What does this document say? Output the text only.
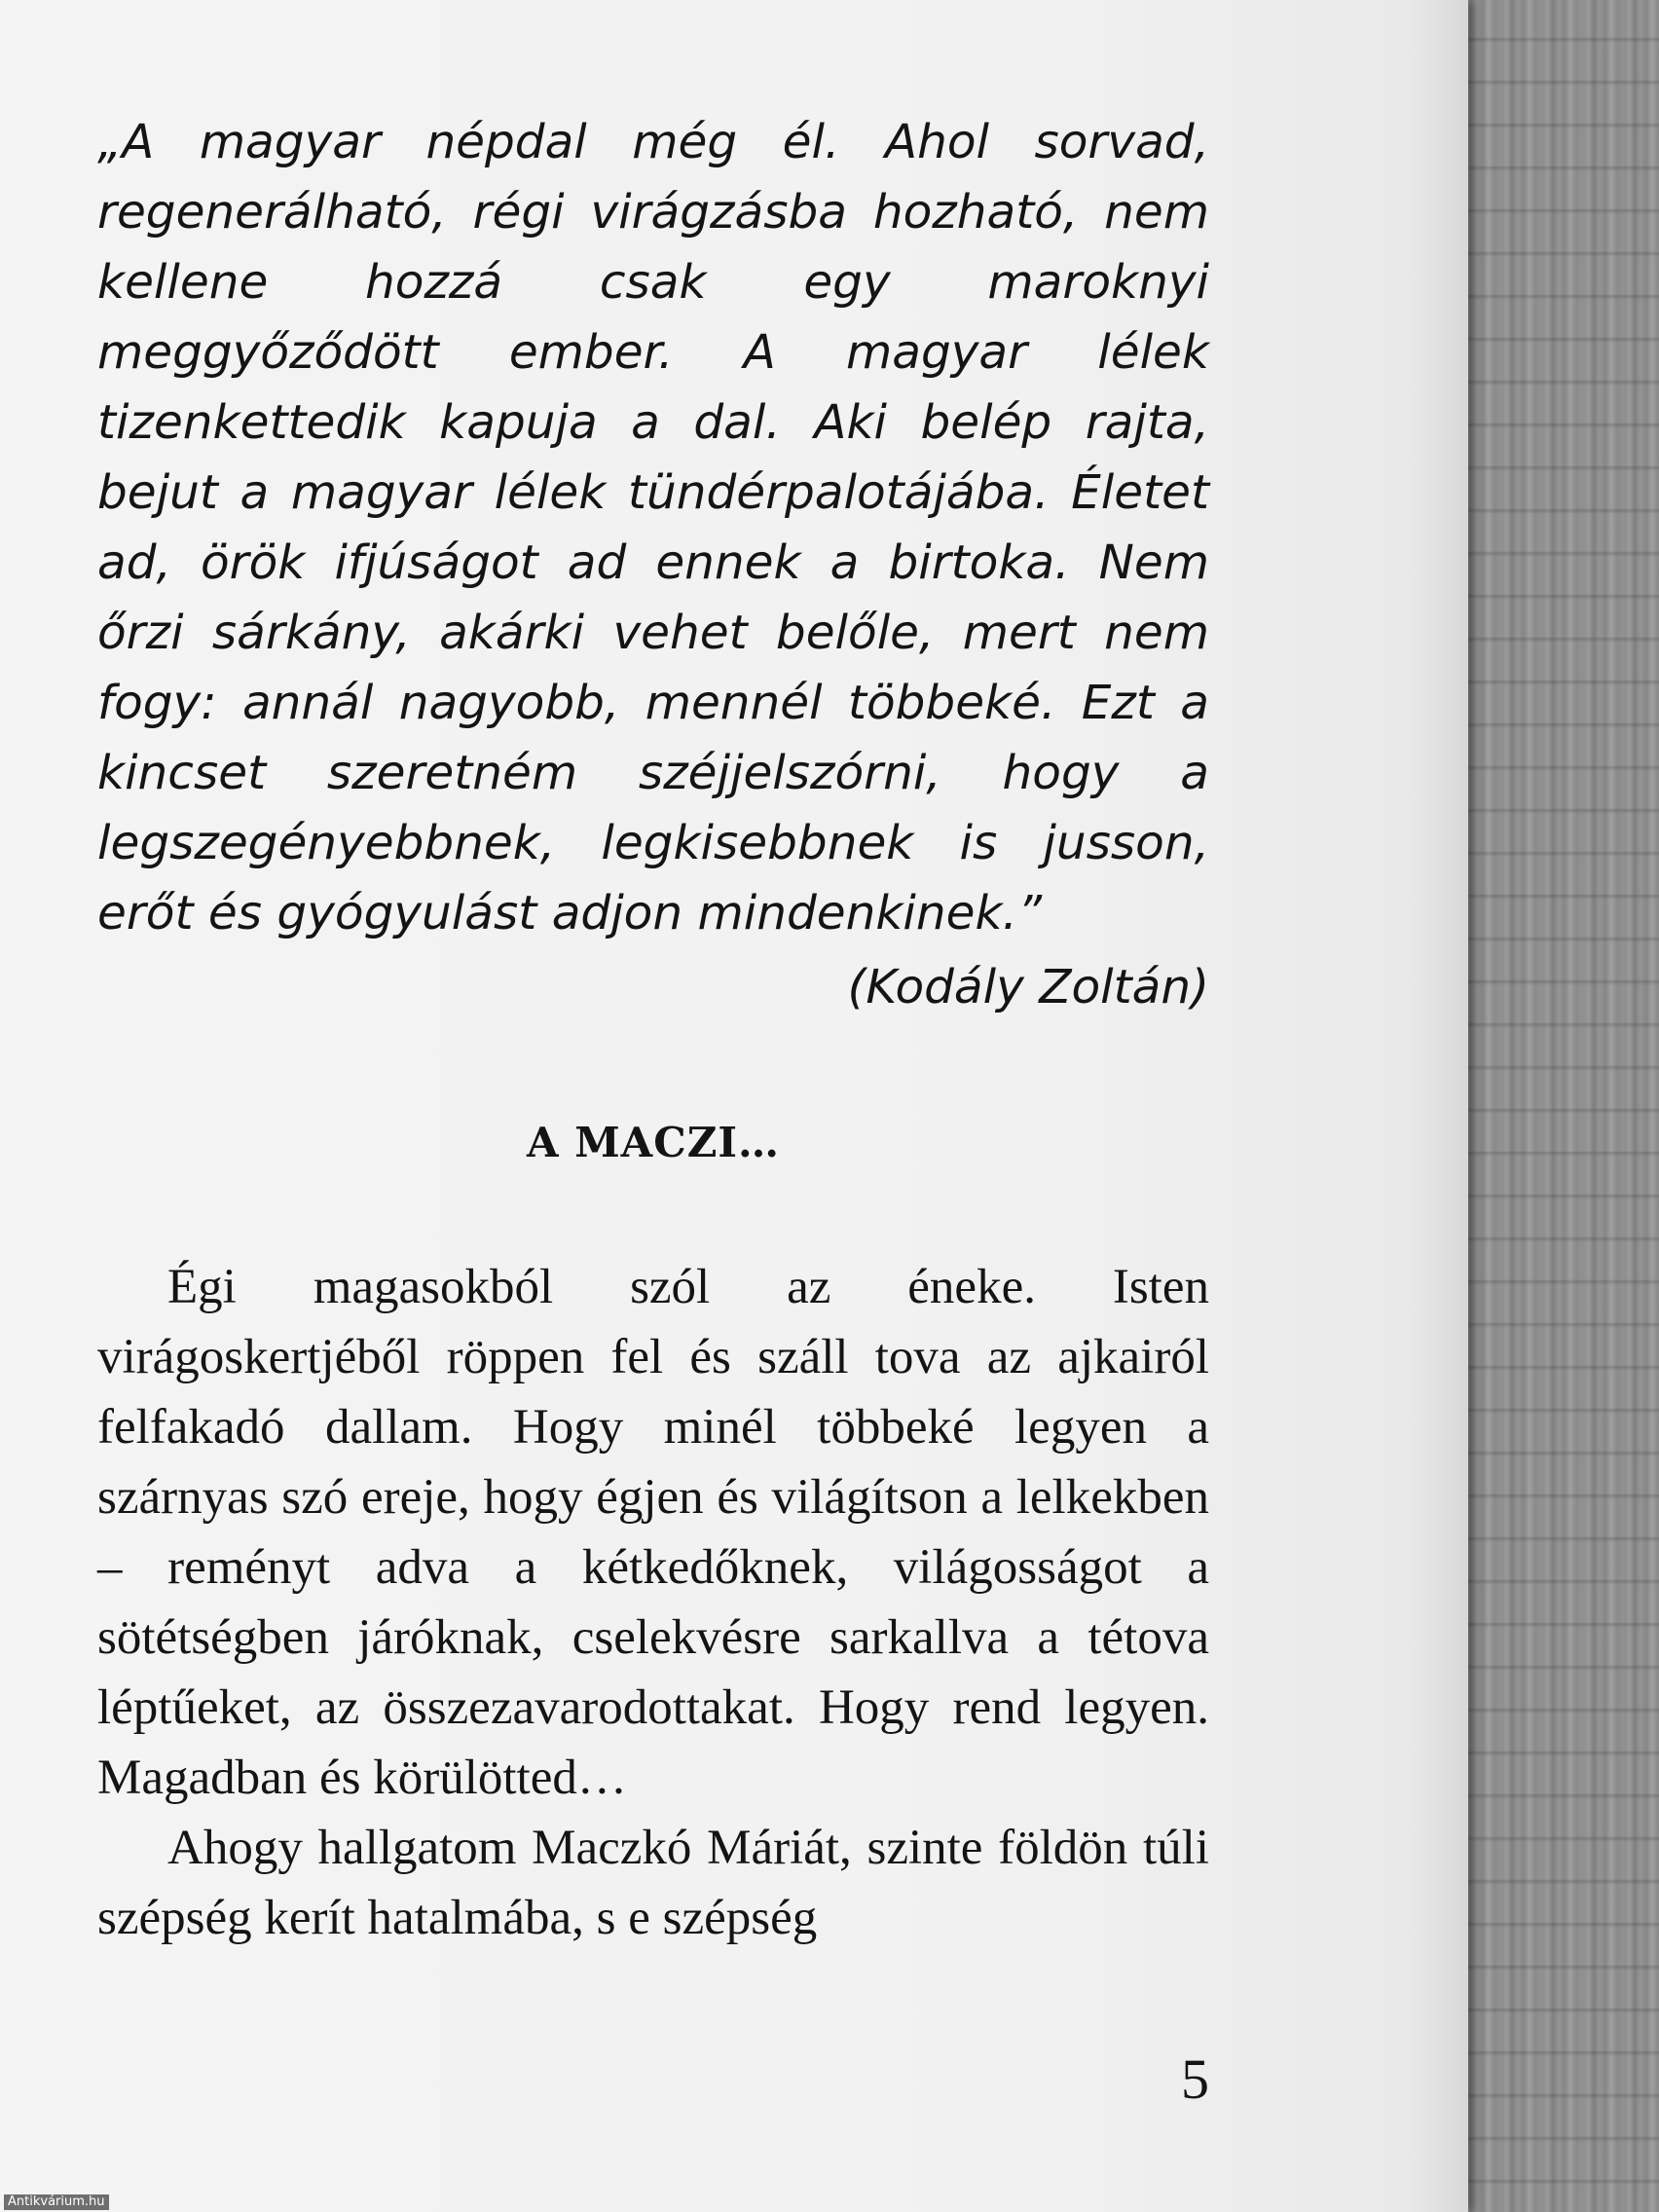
„A magyar népdal még él. Ahol sorvad, regenerálható, régi virágzásba hozható, nem kellene hozzá csak egy maroknyi meggyőződött ember. A magyar lélek tizenkettedik kapuja a dal. Aki belép rajta, bejut a magyar lélek tündérpalotájába. Életet ad, örök ifjúságot ad ennek a birtoka. Nem őrzi sárkány, akárki vehet belőle, mert nem fogy: annál nagyobb, mennél többeké. Ezt a kincset szeretném széjjelszórni, hogy a legszegényebbnek, legkisebbnek is jusson, erőt és gyógyulást adjon mindenkinek.”

(Kodály Zoltán)

A MACZI…

Égi magasokból szól az éneke. Isten virágoskertjéből röppen fel és száll tova az ajkairól felfakadó dallam. Hogy minél többeké legyen a szárnyas szó ereje, hogy égjen és világítson a lelkekben – reményt adva a kétkedőknek, világosságot a sötétségben járóknak, cselekvésre sarkallva a tétova léptűeket, az összezavarodottakat. Hogy rend legyen. Magadban és körülötted…

Ahogy hallgatom Maczkó Máriát, szinte földön túli szépség kerít hatalmába, s e szépség

5

Antikvárium.hu
